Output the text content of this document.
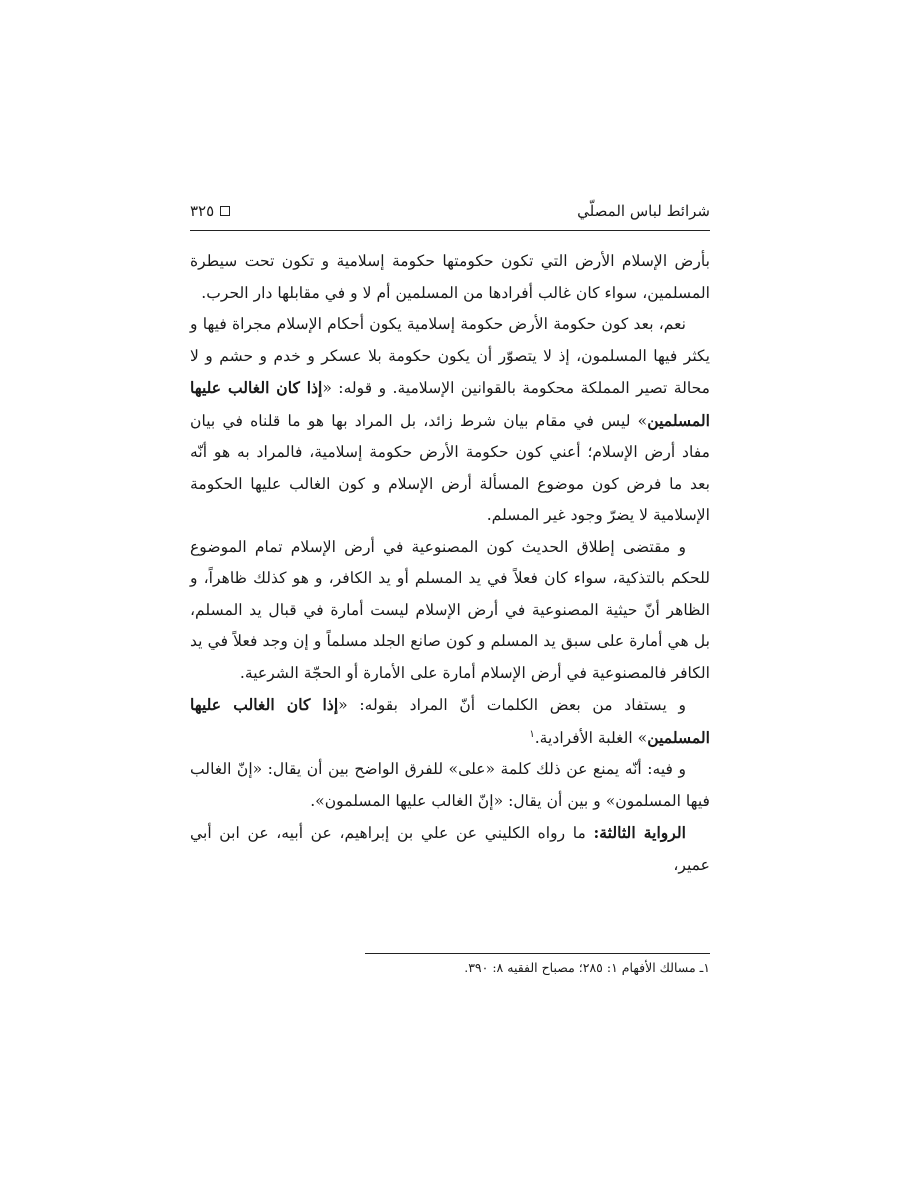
شرائط لباس المصلّي
٣٢٥

بأرض الإسلام الأرض التي تكون حكومتها حكومة إسلامية و تكون تحت سيطرة المسلمين، سواء كان غالب أفرادها من المسلمين أم لا و في مقابلها دار الحرب.

نعم، بعد كون حكومة الأرض حكومة إسلامية يكون أحكام الإسلام مجراة فيها و يكثر فيها المسلمون، إذ لا يتصوّر أن يكون حكومة بلا عسكر و خدم و حشم و لا محالة تصير المملكة محكومة بالقوانين الإسلامية. و قوله: «إذا كان الغالب عليها المسلمين» ليس في مقام بيان شرط زائد، بل المراد بها هو ما قلناه في بيان مفاد أرض الإسلام؛ أعني كون حكومة الأرض حكومة إسلامية، فالمراد به هو أنّه بعد ما فرض كون موضوع المسألة أرض الإسلام و كون الغالب عليها الحكومة الإسلامية لا يضرّ وجود غير المسلم.

و مقتضى إطلاق الحديث كون المصنوعية في أرض الإسلام تمام الموضوع للحكم بالتذكية، سواء كان فعلاً في يد المسلم أو يد الكافر، و هو كذلك ظاهراً، و الظاهر أنّ حيثية المصنوعية في أرض الإسلام ليست أمارة في قبال يد المسلم، بل هي أمارة على سبق يد المسلم و كون صانع الجلد مسلماً و إن وجد فعلاً في يد الكافر فالمصنوعية في أرض الإسلام أمارة على الأمارة أو الحجّة الشرعية.

و يستفاد من بعض الكلمات أنّ المراد بقوله: «إذا كان الغالب عليها المسلمين» الغلبة الأفرادية.$^١$

و فيه: أنّه يمنع عن ذلك كلمة «على» للفرق الواضح بين أن يقال: «إنّ الغالب فيها المسلمون» و بين أن يقال: «إنّ الغالب عليها المسلمون».

الرواية الثالثة: ما رواه الكليني عن علي بن إبراهيم، عن أبيه، عن ابن أبي عمير،

١ـ مسالك الأفهام ١: ٢٨٥؛ مصباح الفقيه ٨: ٣٩٠.
